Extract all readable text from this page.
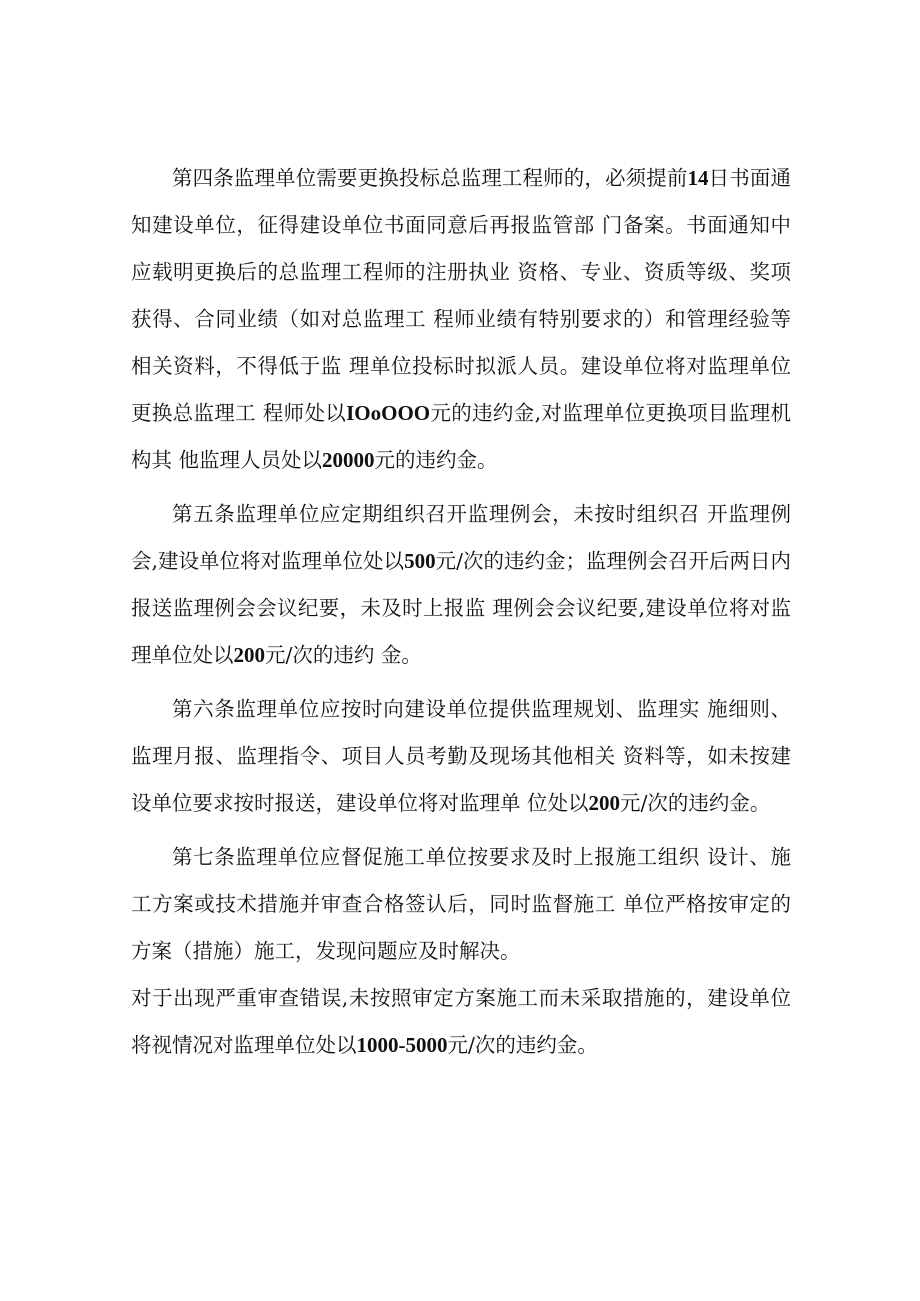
第四条监理单位需要更换投标总监理工程师的，必须提前14日书面通知建设单位，征得建设单位书面同意后再报监管部 门备案。书面通知中应载明更换后的总监理工程师的注册执业 资格、专业、资质等级、奖项获得、合同业绩（如对总监理工 程师业绩有特别要求的）和管理经验等相关资料，不得低于监 理单位投标时拟派人员。建设单位将对监理单位更换总监理工 程师处以IOoOOO元的违约金,对监理单位更换项目监理机构其 他监理人员处以20000元的违约金。

第五条监理单位应定期组织召开监理例会，未按时组织召 开监理例会,建设单位将对监理单位处以500元/次的违约金；监理例会召开后两日内报送监理例会会议纪要，未及时上报监 理例会会议纪要,建设单位将对监理单位处以200元/次的违约 金。

第六条监理单位应按时向建设单位提供监理规划、监理实 施细则、监理月报、监理指令、项目人员考勤及现场其他相关 资料等，如未按建设单位要求按时报送，建设单位将对监理单 位处以200元/次的违约金。

第七条监理单位应督促施工单位按要求及时上报施工组织 设计、施工方案或技术措施并审查合格签认后，同时监督施工 单位严格按审定的方案（措施）施工，发现问题应及时解决。

对于出现严重审查错误,未按照审定方案施工而未采取措施的，建设单位将视情况对监理单位处以1000-5000元/次的违约金。
